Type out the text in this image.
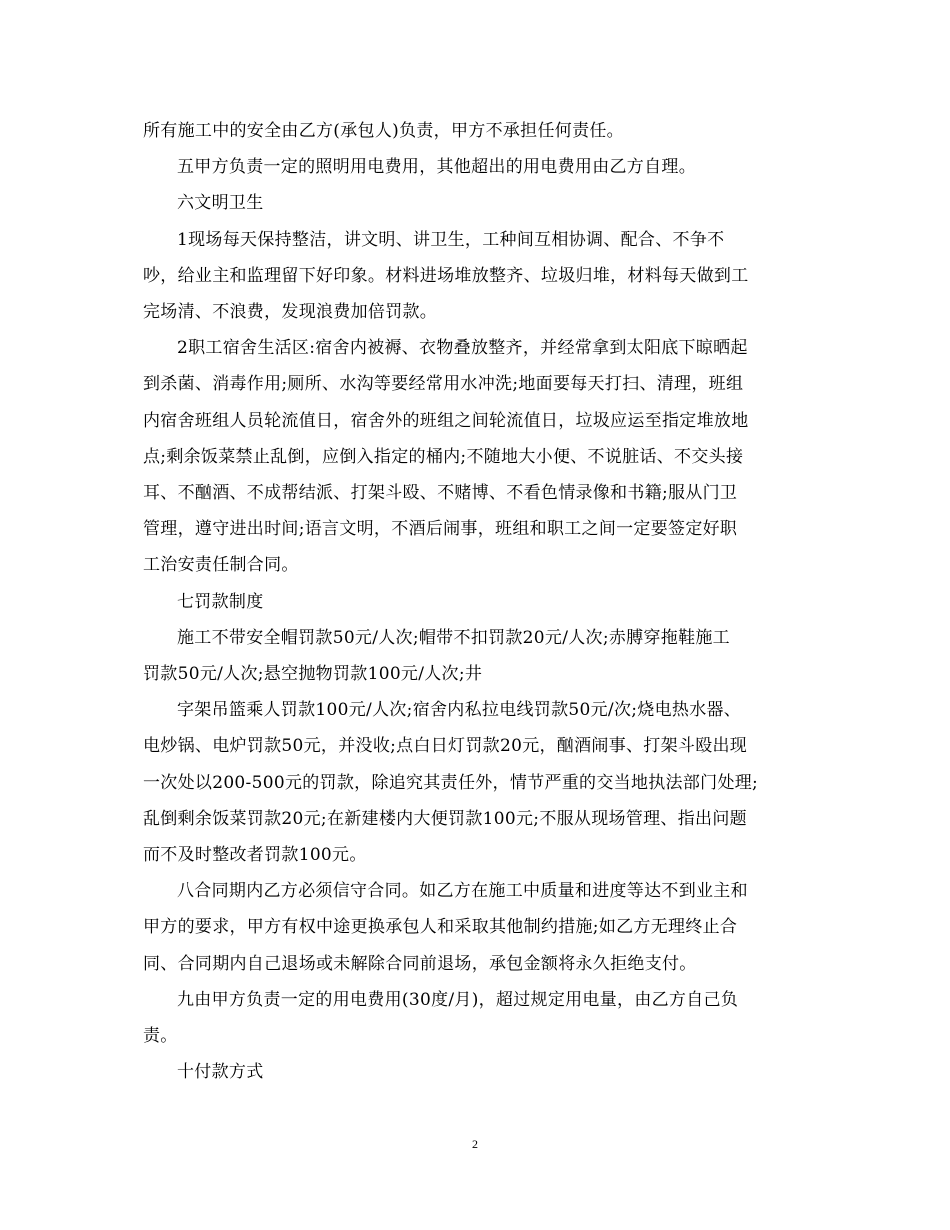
所有施工中的安全由乙方(承包人)负责，甲方不承担任何责任。

五甲方负责一定的照明用电费用，其他超出的用电费用由乙方自理。

六文明卫生

1现场每天保持整洁，讲文明、讲卫生，工种间互相协调、配合、不争不
吵，给业主和监理留下好印象。材料进场堆放整齐、垃圾归堆，材料每天做到工
完场清、不浪费，发现浪费加倍罚款。

2职工宿舍生活区:宿舍内被褥、衣物叠放整齐，并经常拿到太阳底下晾晒起
到杀菌、消毒作用;厕所、水沟等要经常用水冲洗;地面要每天打扫、清理，班组
内宿舍班组人员轮流值日，宿舍外的班组之间轮流值日，垃圾应运至指定堆放地
点;剩余饭菜禁止乱倒，应倒入指定的桶内;不随地大小便、不说脏话、不交头接
耳、不酗酒、不成帮结派、打架斗殴、不赌博、不看色情录像和书籍;服从门卫
管理，遵守进出时间;语言文明，不酒后闹事，班组和职工之间一定要签定好职
工治安责任制合同。

七罚款制度

施工不带安全帽罚款50元/人次;帽带不扣罚款20元/人次;赤膊穿拖鞋施工
罚款50元/人次;悬空抛物罚款100元/人次;井

字架吊篮乘人罚款100元/人次;宿舍内私拉电线罚款50元/次;烧电热水器、
电炒锅、电炉罚款50元，并没收;点白日灯罚款20元，酗酒闹事、打架斗殴出现
一次处以200-500元的罚款，除追究其责任外，情节严重的交当地执法部门处理;
乱倒剩余饭菜罚款20元;在新建楼内大便罚款100元;不服从现场管理、指出问题
而不及时整改者罚款100元。

八合同期内乙方必须信守合同。如乙方在施工中质量和进度等达不到业主和
甲方的要求，甲方有权中途更换承包人和采取其他制约措施;如乙方无理终止合
同、合同期内自己退场或未解除合同前退场，承包金额将永久拒绝支付。

九由甲方负责一定的用电费用(30度/月)，超过规定用电量，由乙方自己负
责。

十付款方式

2
